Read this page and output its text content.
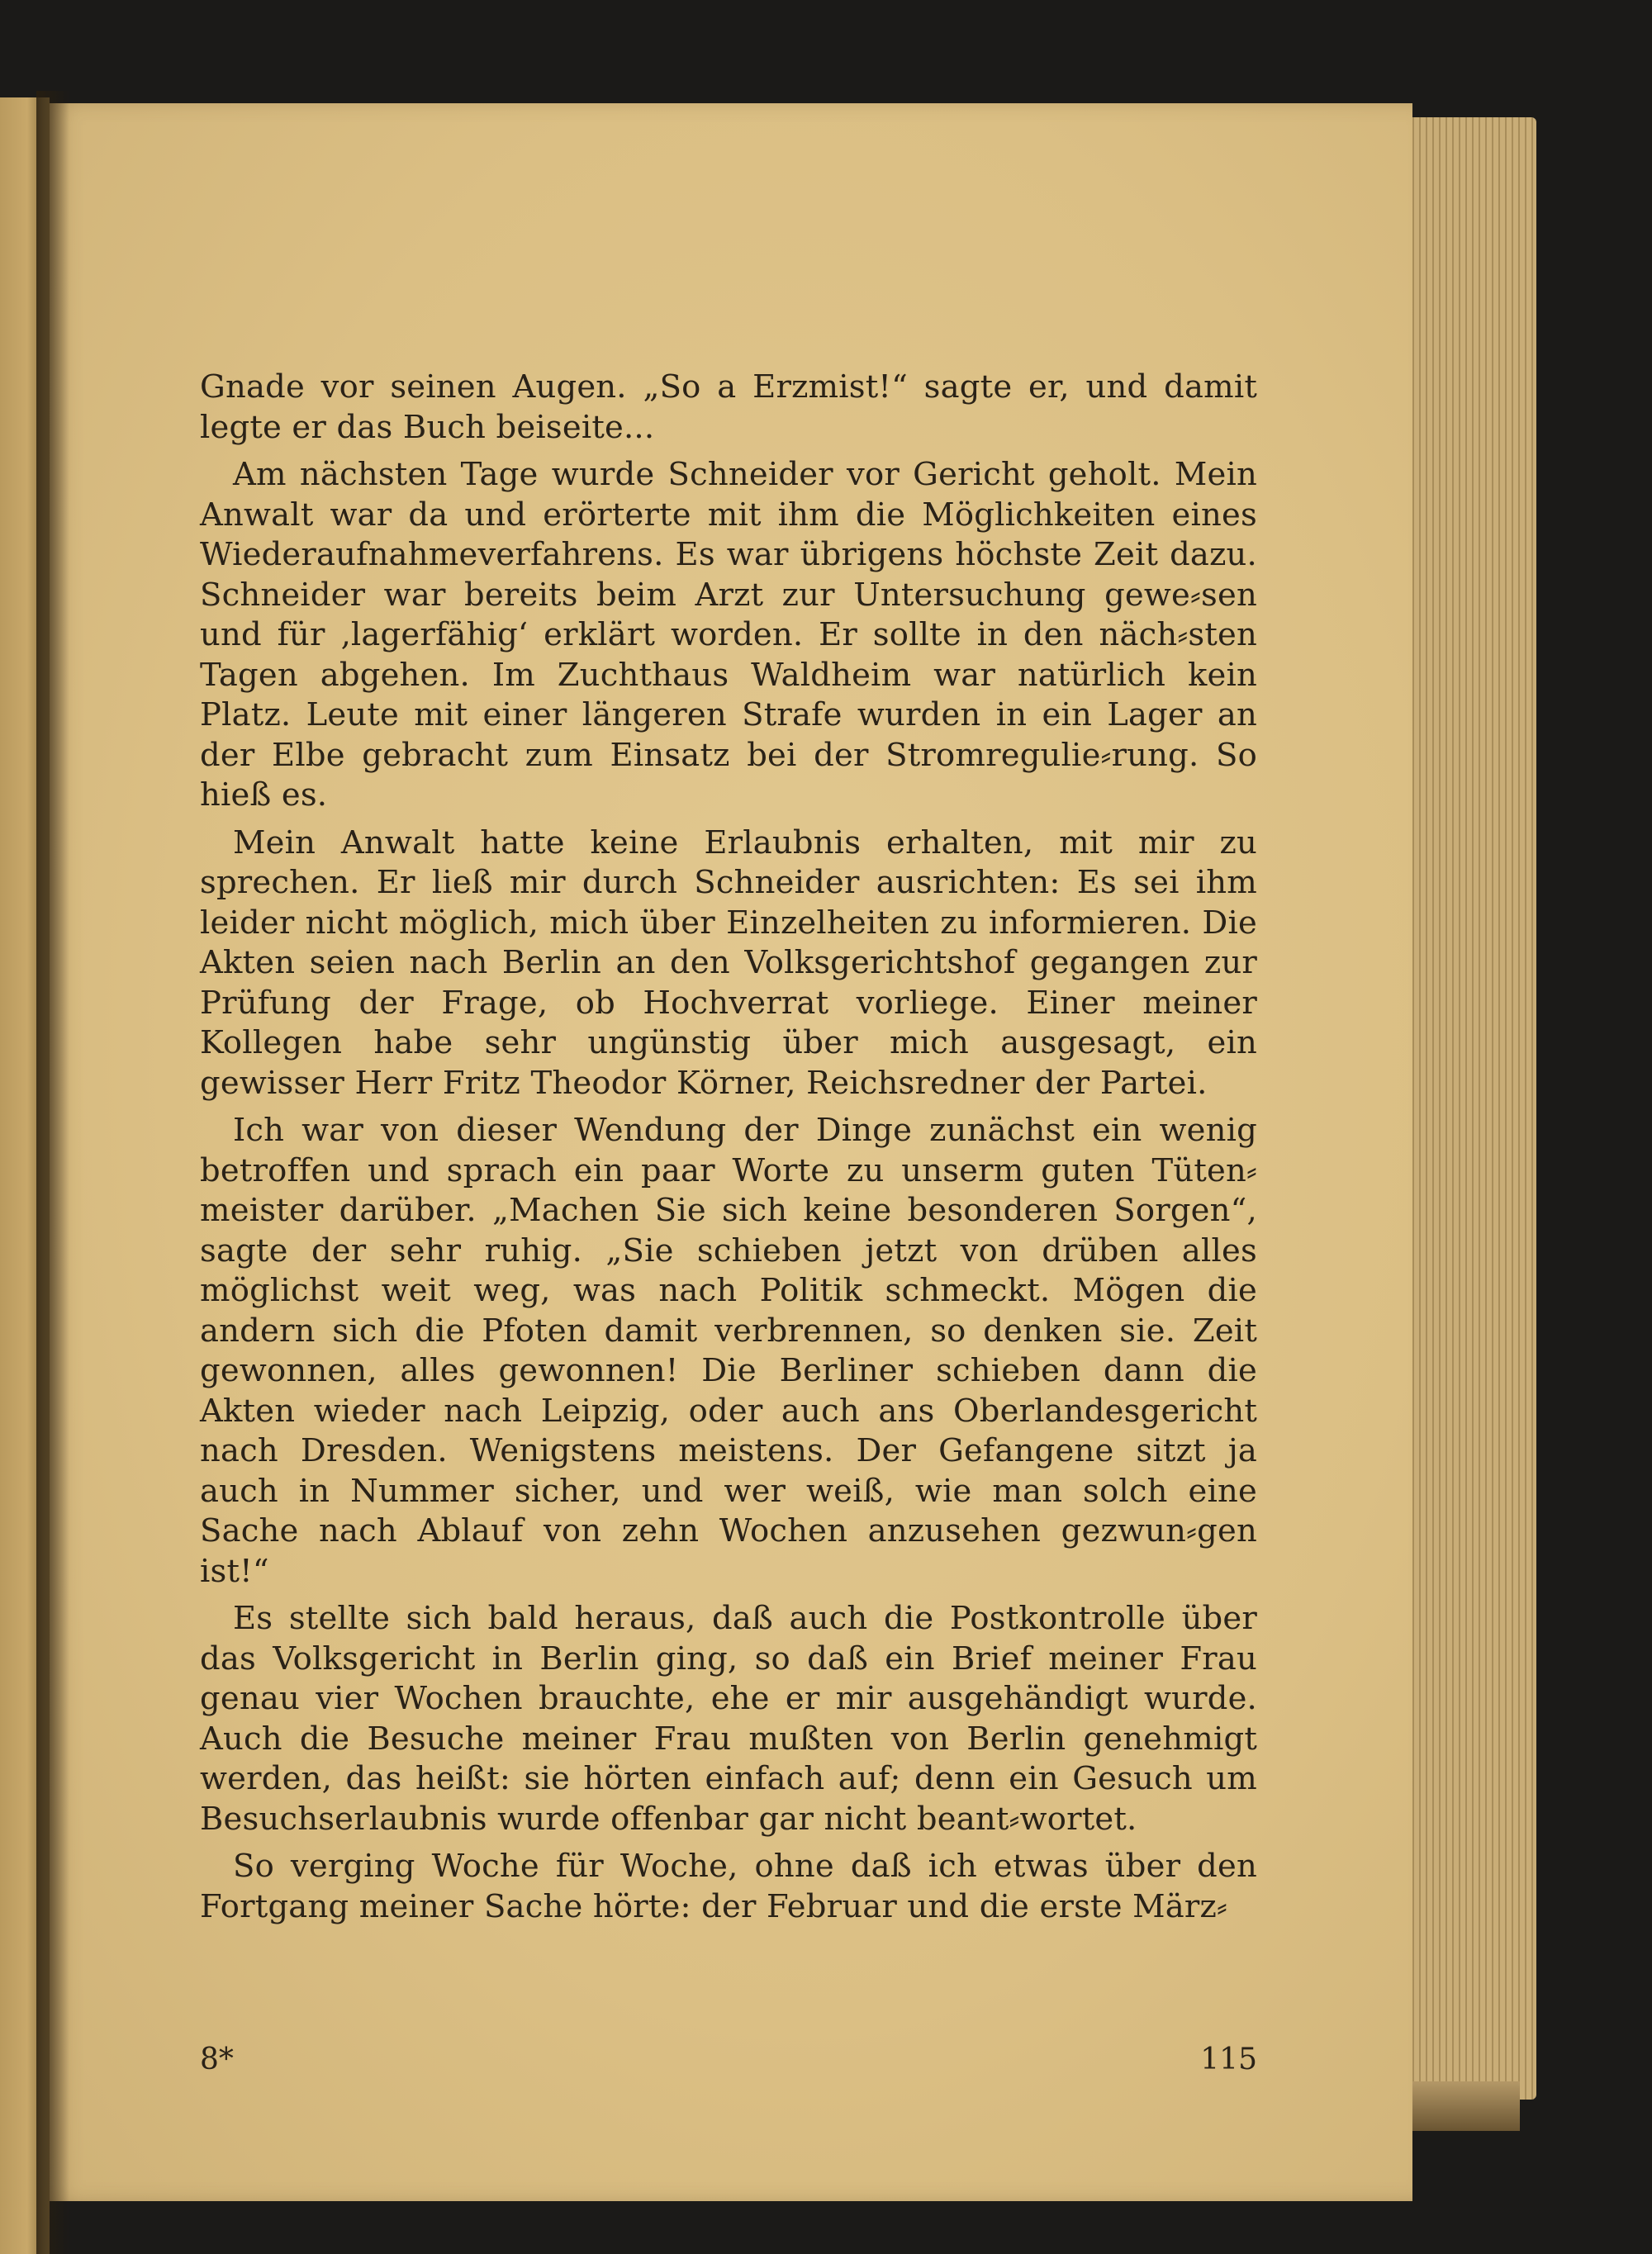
Gnade vor seinen Augen. „So a Erzmist!“ sagte er, und damit legte er das Buch beiseite...

Am nächsten Tage wurde Schneider vor Gericht geholt. Mein Anwalt war da und erörterte mit ihm die Möglichkeiten eines Wiederaufnahmeverfahrens. Es war übrigens höchste Zeit dazu. Schneider war bereits beim Arzt zur Untersuchung gewe⸗sen und für ‚lagerfähig‘ erklärt worden. Er sollte in den näch⸗sten Tagen abgehen. Im Zuchthaus Waldheim war natürlich kein Platz. Leute mit einer längeren Strafe wurden in ein Lager an der Elbe gebracht zum Einsatz bei der Stromregulie⸗rung. So hieß es.

Mein Anwalt hatte keine Erlaubnis erhalten, mit mir zu sprechen. Er ließ mir durch Schneider ausrichten: Es sei ihm leider nicht möglich, mich über Einzelheiten zu informieren. Die Akten seien nach Berlin an den Volksgerichtshof gegangen zur Prüfung der Frage, ob Hochverrat vorliege. Einer meiner Kollegen habe sehr ungünstig über mich ausgesagt, ein gewisser Herr Fritz Theodor Körner, Reichsredner der Partei.

Ich war von dieser Wendung der Dinge zunächst ein wenig betroffen und sprach ein paar Worte zu unserm guten Tüten⸗meister darüber. „Machen Sie sich keine besonderen Sorgen“, sagte der sehr ruhig. „Sie schieben jetzt von drüben alles möglichst weit weg, was nach Politik schmeckt. Mögen die andern sich die Pfoten damit verbrennen, so denken sie. Zeit gewonnen, alles gewonnen! Die Berliner schieben dann die Akten wieder nach Leipzig, oder auch ans Oberlandesgericht nach Dresden. Wenigstens meistens. Der Gefangene sitzt ja auch in Nummer sicher, und wer weiß, wie man solch eine Sache nach Ablauf von zehn Wochen anzusehen gezwun⸗gen ist!“

Es stellte sich bald heraus, daß auch die Postkontrolle über das Volksgericht in Berlin ging, so daß ein Brief meiner Frau genau vier Wochen brauchte, ehe er mir ausgehändigt wurde. Auch die Besuche meiner Frau mußten von Berlin genehmigt werden, das heißt: sie hörten einfach auf; denn ein Gesuch um Besuchserlaubnis wurde offenbar gar nicht beant⸗wortet.

So verging Woche für Woche, ohne daß ich etwas über den Fortgang meiner Sache hörte: der Februar und die erste März⸗

8*	115
